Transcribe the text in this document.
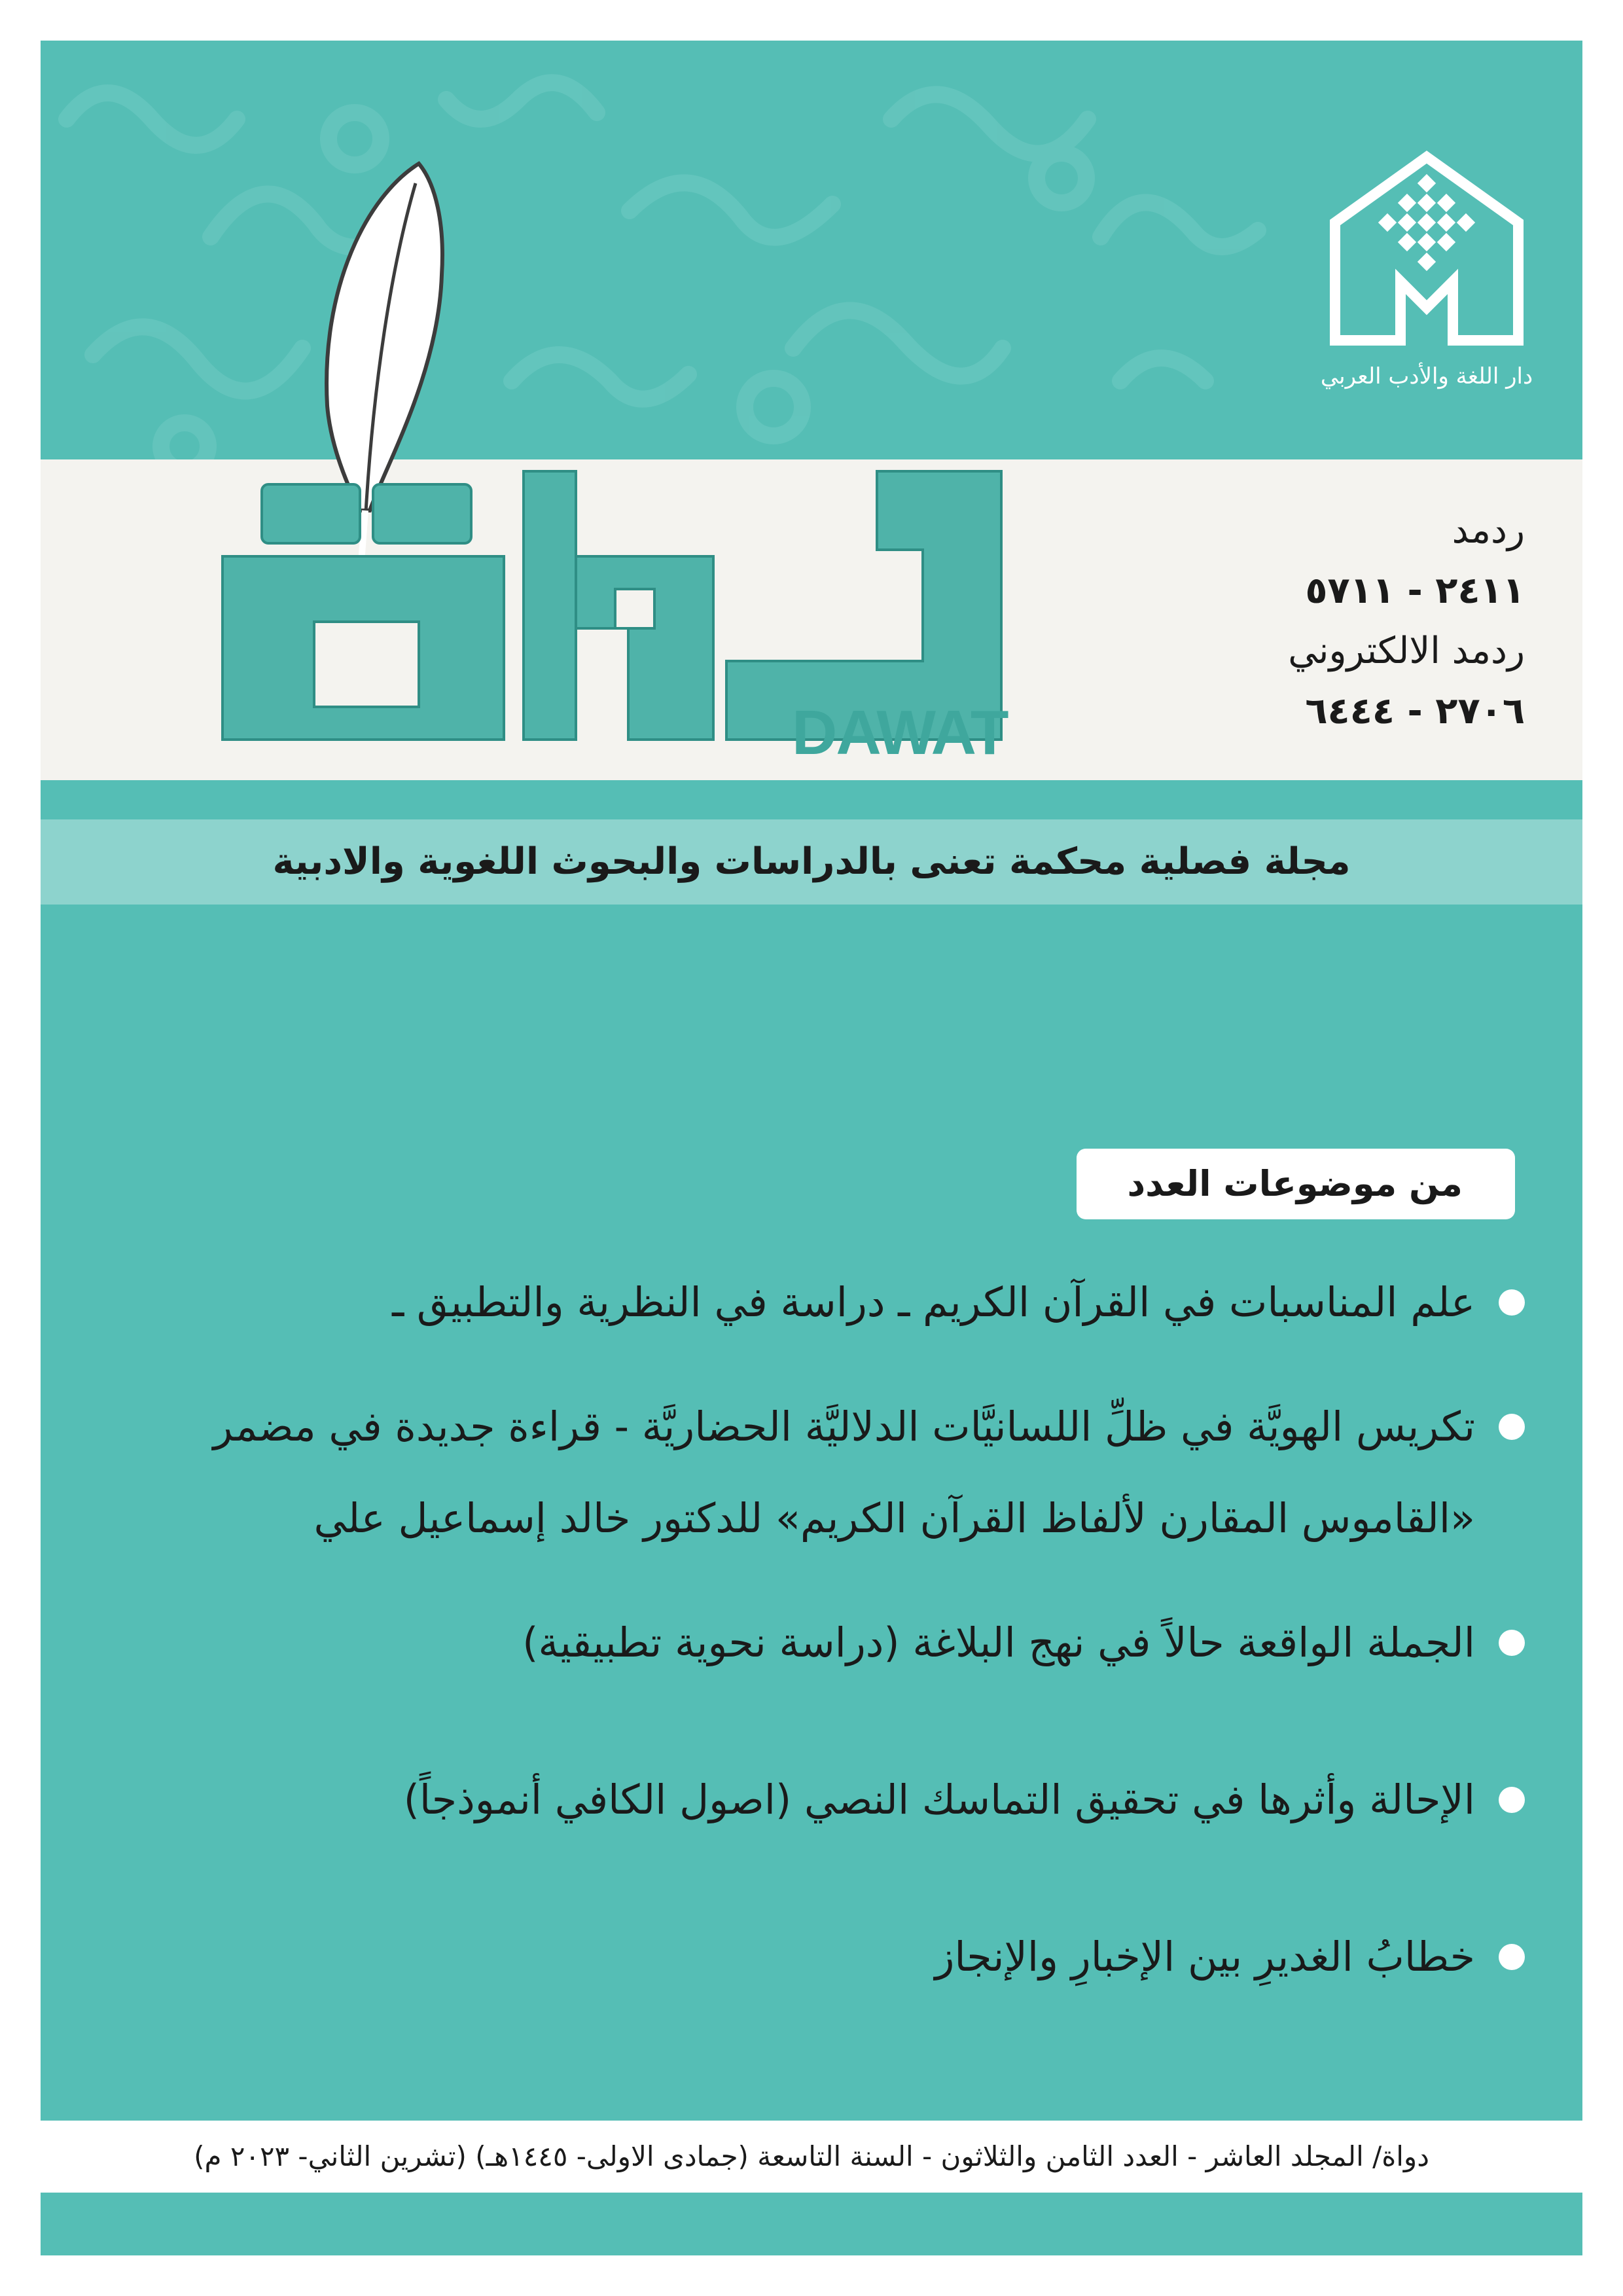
DAWAT
دار اللغة والأدب العربي
ردمد
٢٤١١ - ٥٧١١
ردمد الالكتروني
٢٧٠٦ - ٦٤٤٤
مجلة فصلية محكمة تعنى بالدراسات والبحوث اللغوية والادبية
من موضوعات العدد
علم المناسبات في القرآن الكريم ـ دراسة في النظرية والتطبيق ـ
تكريس الهويَّة في ظلِّ اللسانيَّات الدلاليَّة الحضاريَّة - قراءة جديدة في مضمر «القاموس المقارن لألفاظ القرآن الكريم» للدكتور خالد إسماعيل علي
الجملة الواقعة حالاً في نهج البلاغة (دراسة نحوية تطبيقية)
الإحالة وأثرها في تحقيق التماسك النصي (اصول الكافي أنموذجاً)
خطابُ الغديرِ بين الإخبارِ والإنجاز
دواة/ المجلد العاشر - العدد الثامن والثلاثون - السنة التاسعة (جمادى الاولى- ١٤٤٥هـ) (تشرين الثاني- ٢٠٢٣ م)
